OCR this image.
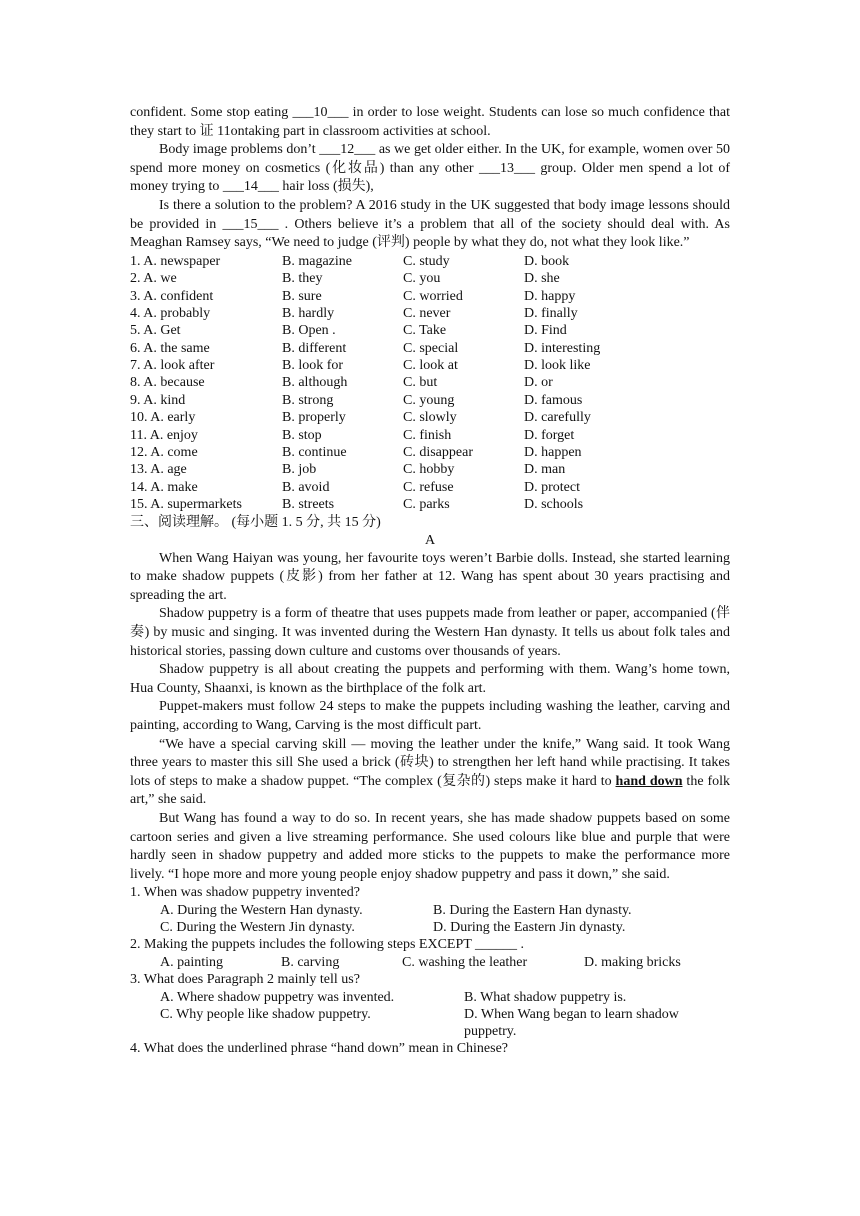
confident. Some stop eating ___10___ in order to lose weight. Students can lose so much confidence that they start to 证 11ontaking part in classroom activities at school.

Body image problems don’t ___12___ as we get older either. In the UK, for example, women over 50 spend more money on cosmetics (化妆品) than any other ___13___ group. Older men spend a lot of money trying to ___14___ hair loss (损失),

Is there a solution to the problem? A 2016 study in the UK suggested that body image lessons should be provided in ___15___ . Others believe it’s a problem that all of the society should deal with. As Meaghan Ramsey says, “We need to judge (评判) people by what they do, not what they look like.”

1. A. newspaper	B. magazine	C. study	D. book
2. A. we	B. they	C. you	D. she
3. A. confident	B. sure	C. worried	D. happy
4. A. probably	B. hardly	C. never	D. finally
5. A. Get	B. Open .	C. Take	D. Find
6. A. the same	B. different	C. special	D. interesting
7. A. look after	B. look for	C. look at	D. look like
8. A. because	B. although	C. but	D. or
9. A. kind	B. strong	C. young	D. famous
10. A. early	B. properly	C. slowly	D. carefully
11. A. enjoy	B. stop	C. finish	D. forget
12. A. come	B. continue	C. disappear	D. happen
13. A. age	B. job	C. hobby	D. man
14. A. make	B. avoid	C. refuse	D. protect
15. A. supermarkets	B. streets	C. parks	D. schools

三、阅读理解。 (每小题 1. 5 分, 共 15 分)

A

When Wang Haiyan was young, her favourite toys weren’t Barbie dolls. Instead, she started learning to make shadow puppets (皮影) from her father at 12. Wang has spent about 30 years practising and spreading the art.

Shadow puppetry is a form of theatre that uses puppets made from leather or paper, accompanied (伴奏) by music and singing. It was invented during the Western Han dynasty. It tells us about folk tales and historical stories, passing down culture and customs over thousands of years.

Shadow puppetry is all about creating the puppets and performing with them. Wang’s home town, Hua County, Shaanxi, is known as the birthplace of the folk art.

Puppet-makers must follow 24 steps to make the puppets including washing the leather, carving and painting, according to Wang, Carving is the most difficult part.

“We have a special carving skill — moving the leather under the knife,” Wang said. It took Wang three years to master this sill She used a brick (砖块) to strengthen her left hand while practising. It takes lots of steps to make a shadow puppet. “The complex (复杂的) steps make it hard to hand down the folk art,” she said.

But Wang has found a way to do so. In recent years, she has made shadow puppets based on some cartoon series and given a live streaming performance. She used colours like blue and purple that were hardly seen in shadow puppetry and added more sticks to the puppets to make the performance more lively. “I hope more and more young people enjoy shadow puppetry and pass it down,” she said.

1. When was shadow puppetry invented?

A. During the Western Han dynasty.	B. During the Eastern Han dynasty.
C. During the Western Jin dynasty.	D. During the Eastern Jin dynasty.

2. Making the puppets includes the following steps EXCEPT ______ .

A. painting	B. carving	C. washing the leather	D. making bricks

3. What does Paragraph 2 mainly tell us?

A. Where shadow puppetry was invented.	B. What shadow puppetry is.
C. Why people like shadow puppetry.	D. When Wang began to learn shadow puppetry.

4. What does the underlined phrase “hand down” mean in Chinese?
